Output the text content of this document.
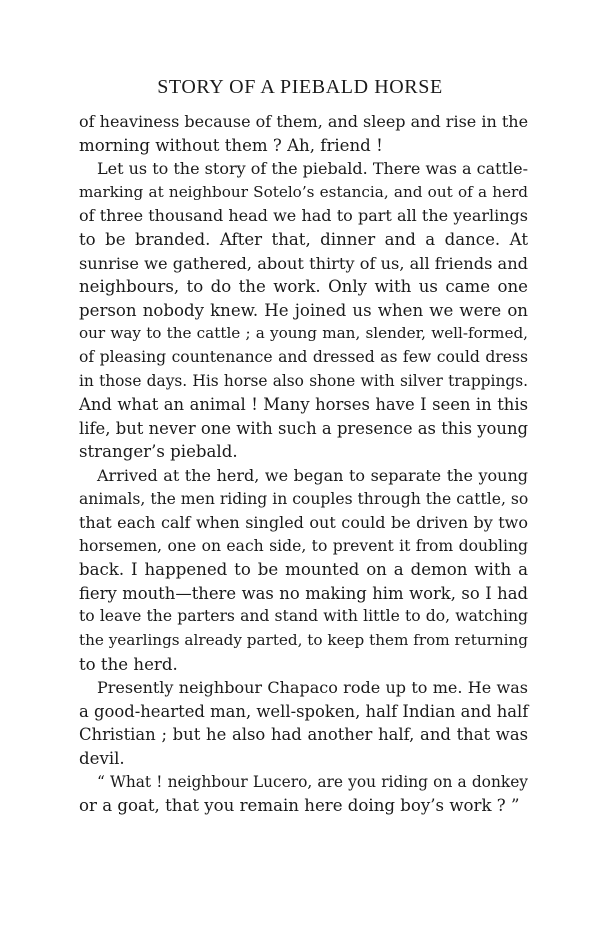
STORY OF A PIEBALD HORSE
of heaviness because of them, and sleep and rise in the
morning without them ? Ah, friend !
Let us to the story of the piebald. There was a cattle-
marking at neighbour Sotelo’s estancia, and out of a herd
of three thousand head we had to part all the yearlings
to be branded. After that, dinner and a dance. At
sunrise we gathered, about thirty of us, all friends and
neighbours, to do the work. Only with us came one
person nobody knew. He joined us when we were on
our way to the cattle ; a young man, slender, well-formed,
of pleasing countenance and dressed as few could dress
in those days. His horse also shone with silver trappings.
And what an animal ! Many horses have I seen in this
life, but never one with such a presence as this young
stranger’s piebald.
Arrived at the herd, we began to separate the young
animals, the men riding in couples through the cattle, so
that each calf when singled out could be driven by two
horsemen, one on each side, to prevent it from doubling
back. I happened to be mounted on a demon with a
fiery mouth—there was no making him work, so I had
to leave the parters and stand with little to do, watching
the yearlings already parted, to keep them from returning
to the herd.
Presently neighbour Chapaco rode up to me. He was
a good-hearted man, well-spoken, half Indian and half
Christian ; but he also had another half, and that was
devil.
“ What ! neighbour Lucero, are you riding on a donkey
or a goat, that you remain here doing boy’s work ? ”
